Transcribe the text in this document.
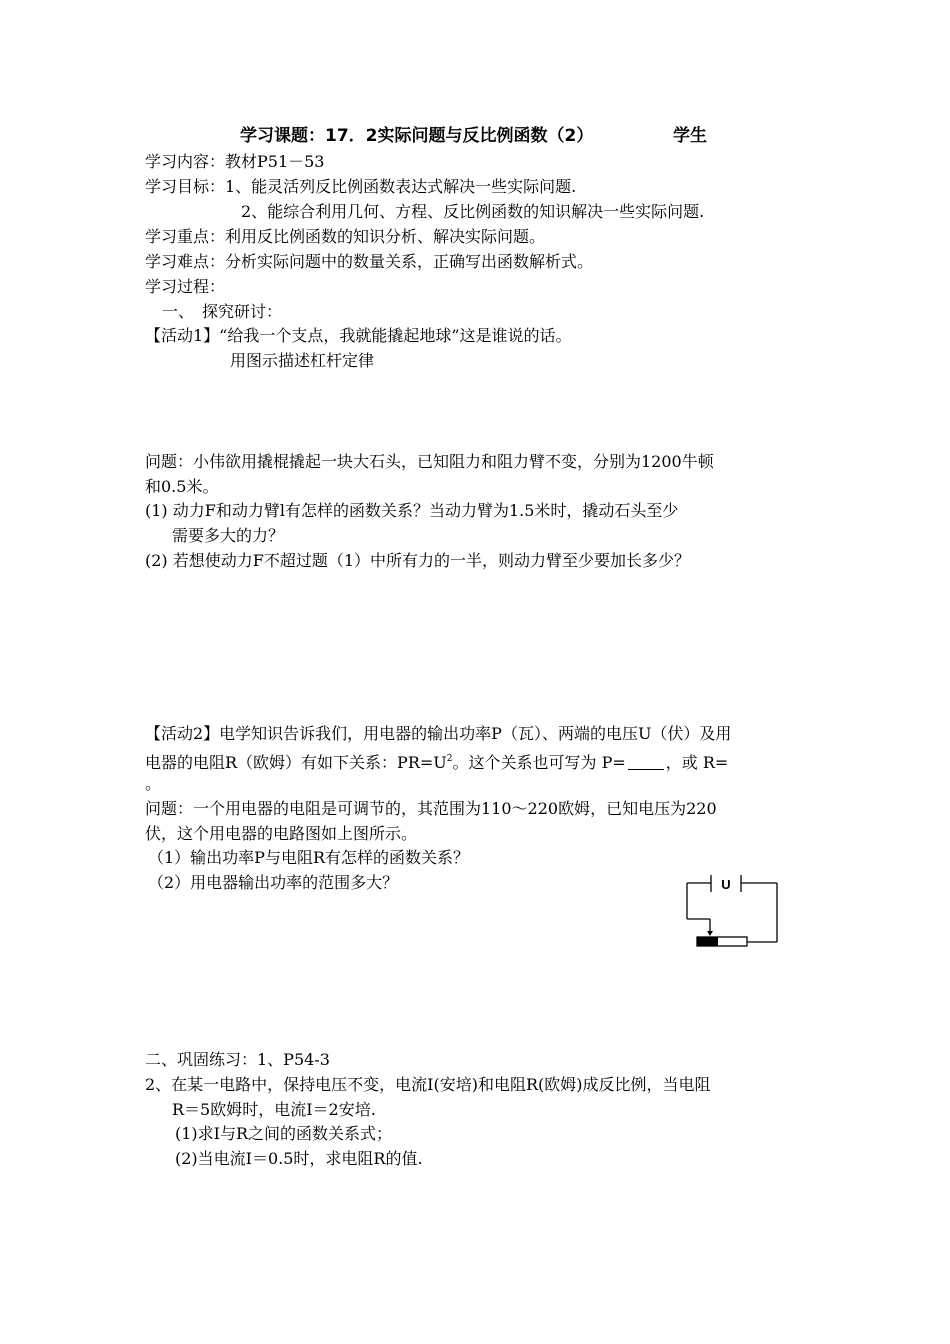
学习课题：17．2实际问题与反比例函数（2）	学生
学习内容：教材P51－53
学习目标：1、能灵活列反比例函数表达式解决一些实际问题.
2、能综合利用几何、方程、反比例函数的知识解决一些实际问题.
学习重点：利用反比例函数的知识分析、解决实际问题。
学习难点：分析实际问题中的数量关系，正确写出函数解析式。
学习过程：
一、　探究研讨：
【活动1】“给我一个支点，我就能撬起地球”这是谁说的话。
用图示描述杠杆定律
问题：小伟欲用撬棍撬起一块大石头，已知阻力和阻力臂不变，分别为1200牛顿
和0.5米。
(1) 动力F和动力臂l有怎样的函数关系？当动力臂为1.5米时，撬动石头至少
需要多大的力？
(2) 若想使动力F不超过题（1）中所有力的一半，则动力臂至少要加长多少？
【活动2】电学知识告诉我们，用电器的输出功率P（瓦）、两端的电压U（伏）及用
电器的电阻R（欧姆）有如下关系：$PR=U^2$。这个关系也可写为 P=	，或 R=
。
问题：一个用电器的电阻是可调节的，其范围为110～220欧姆，已知电压为220
伏，这个用电器的电路图如上图所示。
（1）输出功率P与电阻R有怎样的函数关系？
（2）用电器输出功率的范围多大？	U
二、巩固练习：1、P54-3
2、在某一电路中，保持电压不变，电流I(安培)和电阻R(欧姆)成反比例，当电阻
R＝5欧姆时，电流I＝2安培.
(1)求I与R之间的函数关系式；
(2)当电流I＝0.5时，求电阻R的值.
